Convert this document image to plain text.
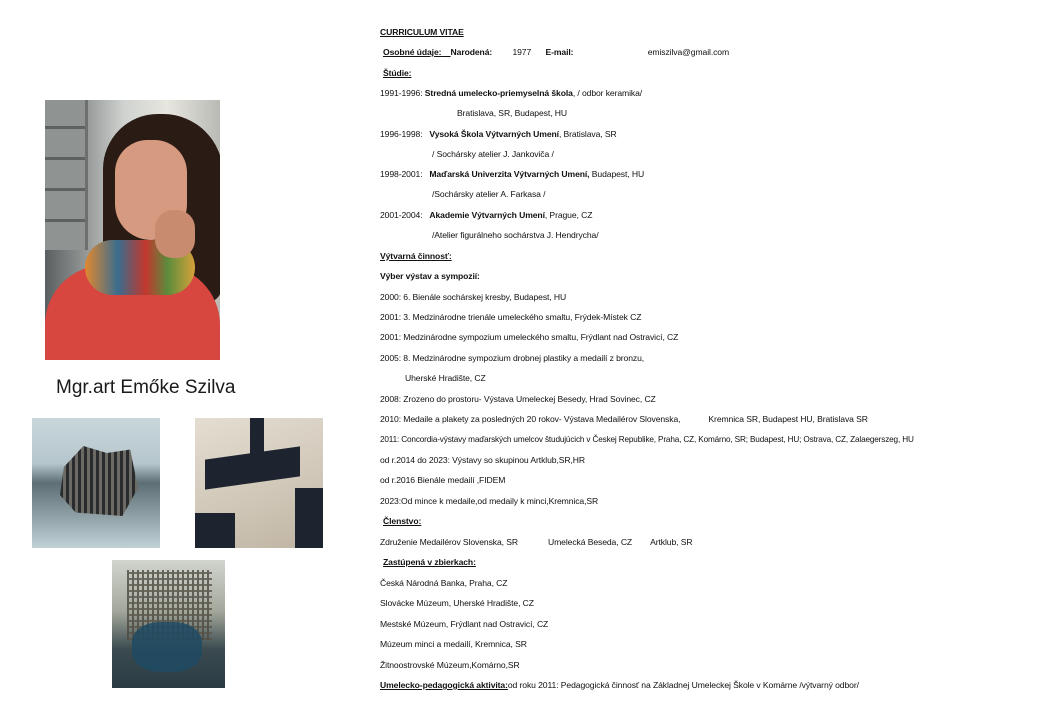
Mgr.art Emőke Szilva
CURRICULUM VITAE
Osobné údaje: Narodená: 1977 E-mail:	emiszilva@gmail.com
Štúdie:
1991-1996: Stredná umelecko-priemyselná škola, / odbor keramika/
Bratislava, SR, Budapest, HU
1996-1998: Vysoká Škola Výtvarných Umení, Bratislava, SR
/ Sochársky atelier J. Jankoviča /
1998-2001: Maďarská Univerzita Výtvarných Umení, Budapest, HU
/Sochársky atelier A. Farkasa /
2001-2004: Akademie Výtvarných Umení, Prague, CZ
/Atelier figurálneho sochárstva J. Hendrycha/
Výtvarná činnosť:
Výber výstav a sympozií:
2000: 6. Bienále sochárskej kresby, Budapest, HU
2001: 3. Medzinárodne trienále umeleckého smaltu, Frýdek-Místek CZ
2001: Medzinárodne sympozium umeleckého smaltu, Frýdlant nad Ostravicí, CZ
2005: 8. Medzinárodne sympozium drobnej plastiky a medailí z bronzu,
Uherské Hradište, CZ
2008: Zrozeno do prostoru- Výstava Umeleckej Besedy, Hrad Sovinec, CZ
2010: Medaile a plakety za posledných 20 rokov- Výstava Medailérov Slovenska,	Kremnica SR, Budapest HU, Bratislava SR
2011: Concordia-výstavy maďarských umelcov študujúcich v Českej Republike, Praha, CZ, Komárno, SR; Budapest, HU; Ostrava, CZ, Zalaegerszeg, HU
od r.2014 do 2023: Výstavy so skupinou Artklub,SR,HR
od r.2016 Bienále medailí ,FIDEM
2023:Od mince k medaile,od medaily k minci,Kremnica,SR
Členstvo:
Združenie Medailérov Slovenska, SR	Umelecká Beseda, CZ Artklub, SR
Zastúpená v zbierkach:
Česká Národná Banka, Praha, CZ
Slovácke Múzeum, Uherské Hradište, CZ
Mestské Múzeum, Frýdlant nad Ostravicí, CZ
Múzeum minci a medailí, Kremnica, SR
Žitnoostrovské Múzeum,Komárno,SR
Umelecko-pedagogická aktivita:od roku 2011: Pedagogická činnosť na Základnej Umeleckej Škole v Komárne /výtvarný odbor/
